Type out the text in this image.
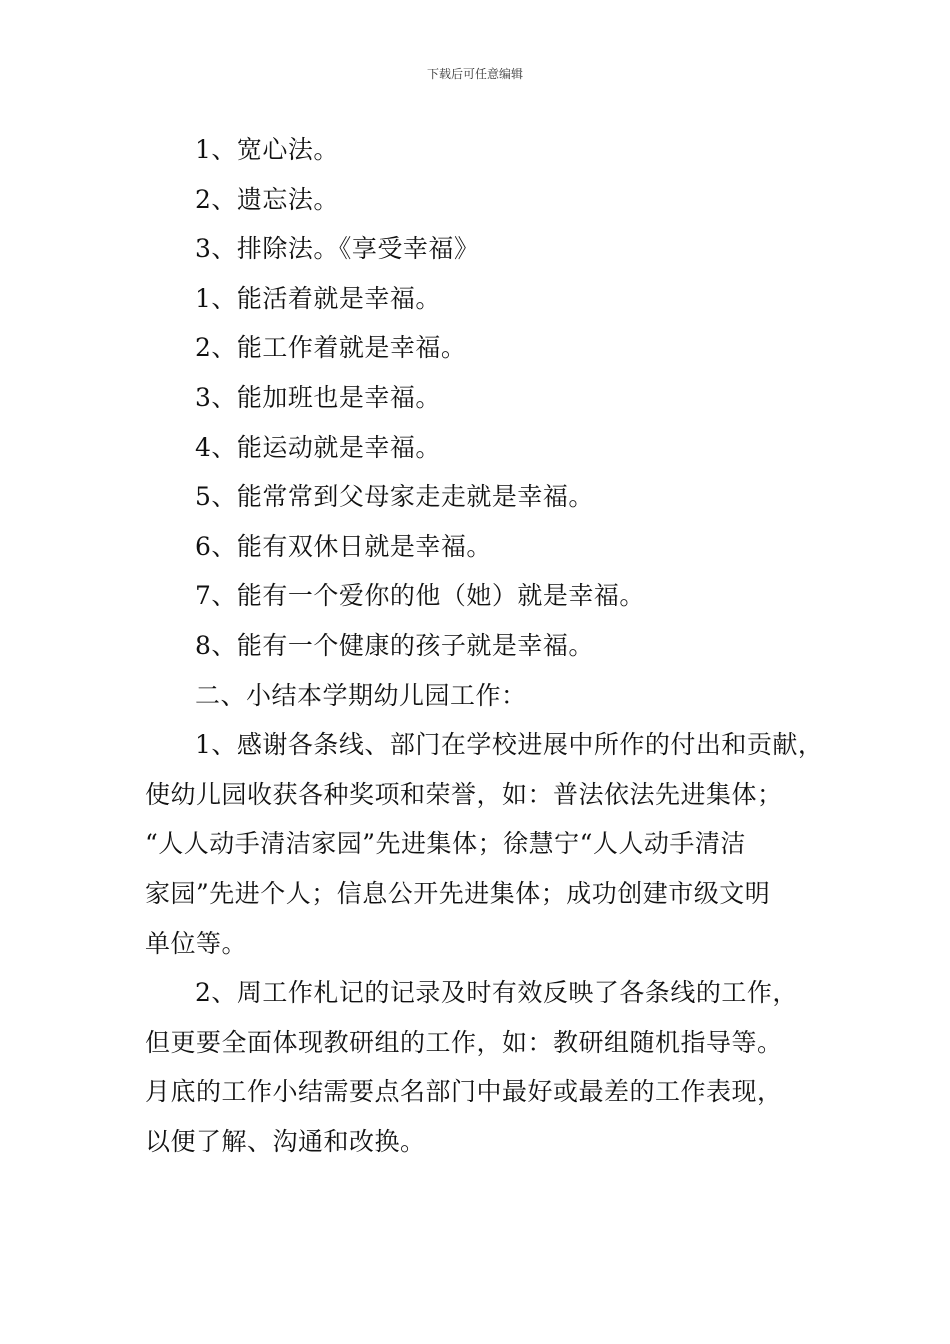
下载后可任意编辑
1、宽心法。
2、遗忘法。
3、排除法。《享受幸福》
1、能活着就是幸福。
2、能工作着就是幸福。
3、能加班也是幸福。
4、能运动就是幸福。
5、能常常到父母家走走就是幸福。
6、能有双休日就是幸福。
7、能有一个爱你的他（她）就是幸福。
8、能有一个健康的孩子就是幸福。
二、小结本学期幼儿园工作：
1、感谢各条线、部门在学校进展中所作的付出和贡献，
使幼儿园收获各种奖项和荣誉，如：普法依法先进集体；
“人人动手清洁家园”先进集体；徐慧宁“人人动手清洁
家园”先进个人；信息公开先进集体；成功创建市级文明
单位等。
2、周工作札记的记录及时有效反映了各条线的工作，
但更要全面体现教研组的工作，如：教研组随机指导等。
月底的工作小结需要点名部门中最好或最差的工作表现，
以便了解、沟通和改换。
